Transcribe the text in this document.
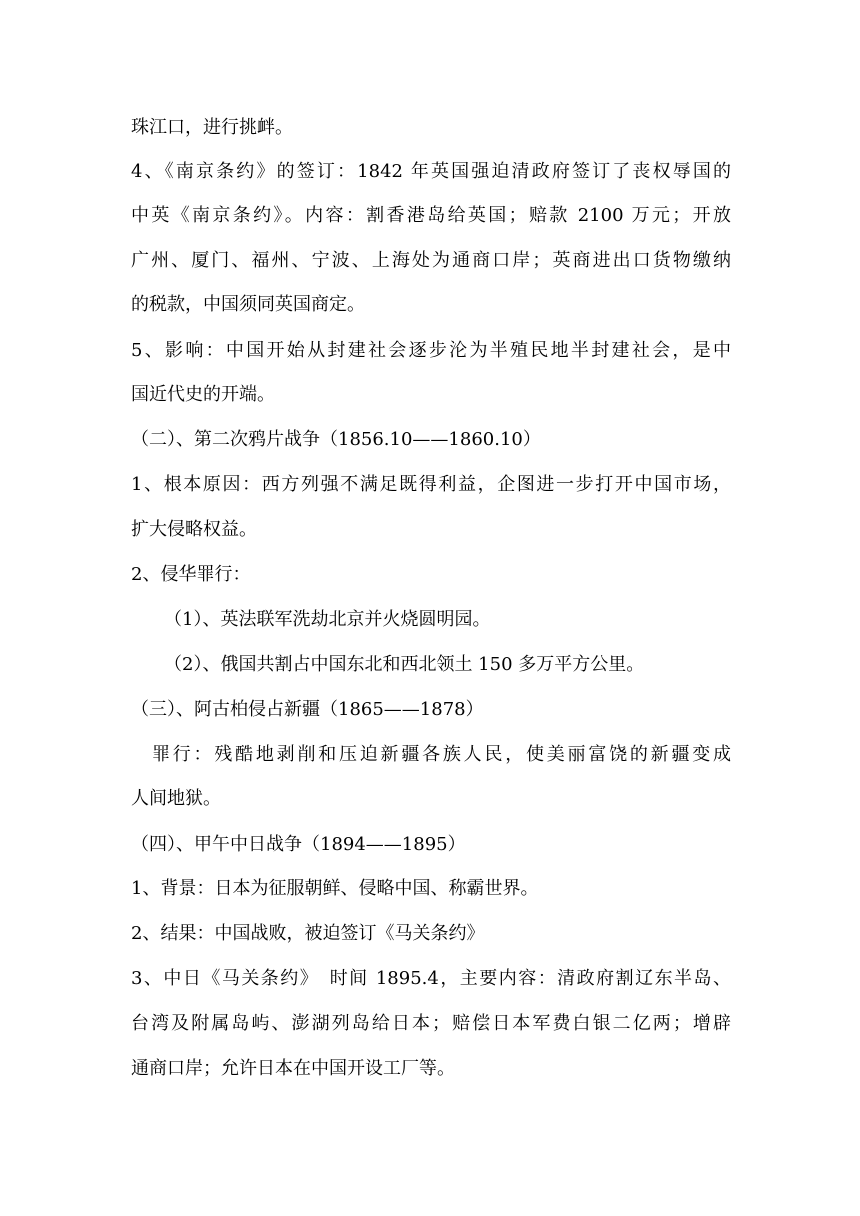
珠江口，进行挑衅。
4、《南京条约》的签订：1842 年英国强迫清政府签订了丧权辱国的
中英《南京条约》。内容：割香港岛给英国；赔款 2100 万元；开放
广州、厦门、福州、宁波、上海处为通商口岸；英商进出口货物缴纳
的税款，中国须同英国商定。
5、影响：中国开始从封建社会逐步沦为半殖民地半封建社会，是中
国近代史的开端。
（二）、第二次鸦片战争（1856.10——1860.10）
1、根本原因：西方列强不满足既得利益，企图进一步打开中国市场，
扩大侵略权益。
2、侵华罪行：
（1）、英法联军洗劫北京并火烧圆明园。
（2）、俄国共割占中国东北和西北领土 150 多万平方公里。
（三）、阿古柏侵占新疆（1865——1878）
罪行：残酷地剥削和压迫新疆各族人民，使美丽富饶的新疆变成
人间地狱。
（四）、甲午中日战争（1894——1895）
1、背景：日本为征服朝鲜、侵略中国、称霸世界。
2、结果：中国战败，被迫签订《马关条约》
3、中日《马关条约》　时间 1895.4，主要内容：清政府割辽东半岛、
台湾及附属岛屿、澎湖列岛给日本；赔偿日本军费白银二亿两；增辟
通商口岸；允许日本在中国开设工厂等。
